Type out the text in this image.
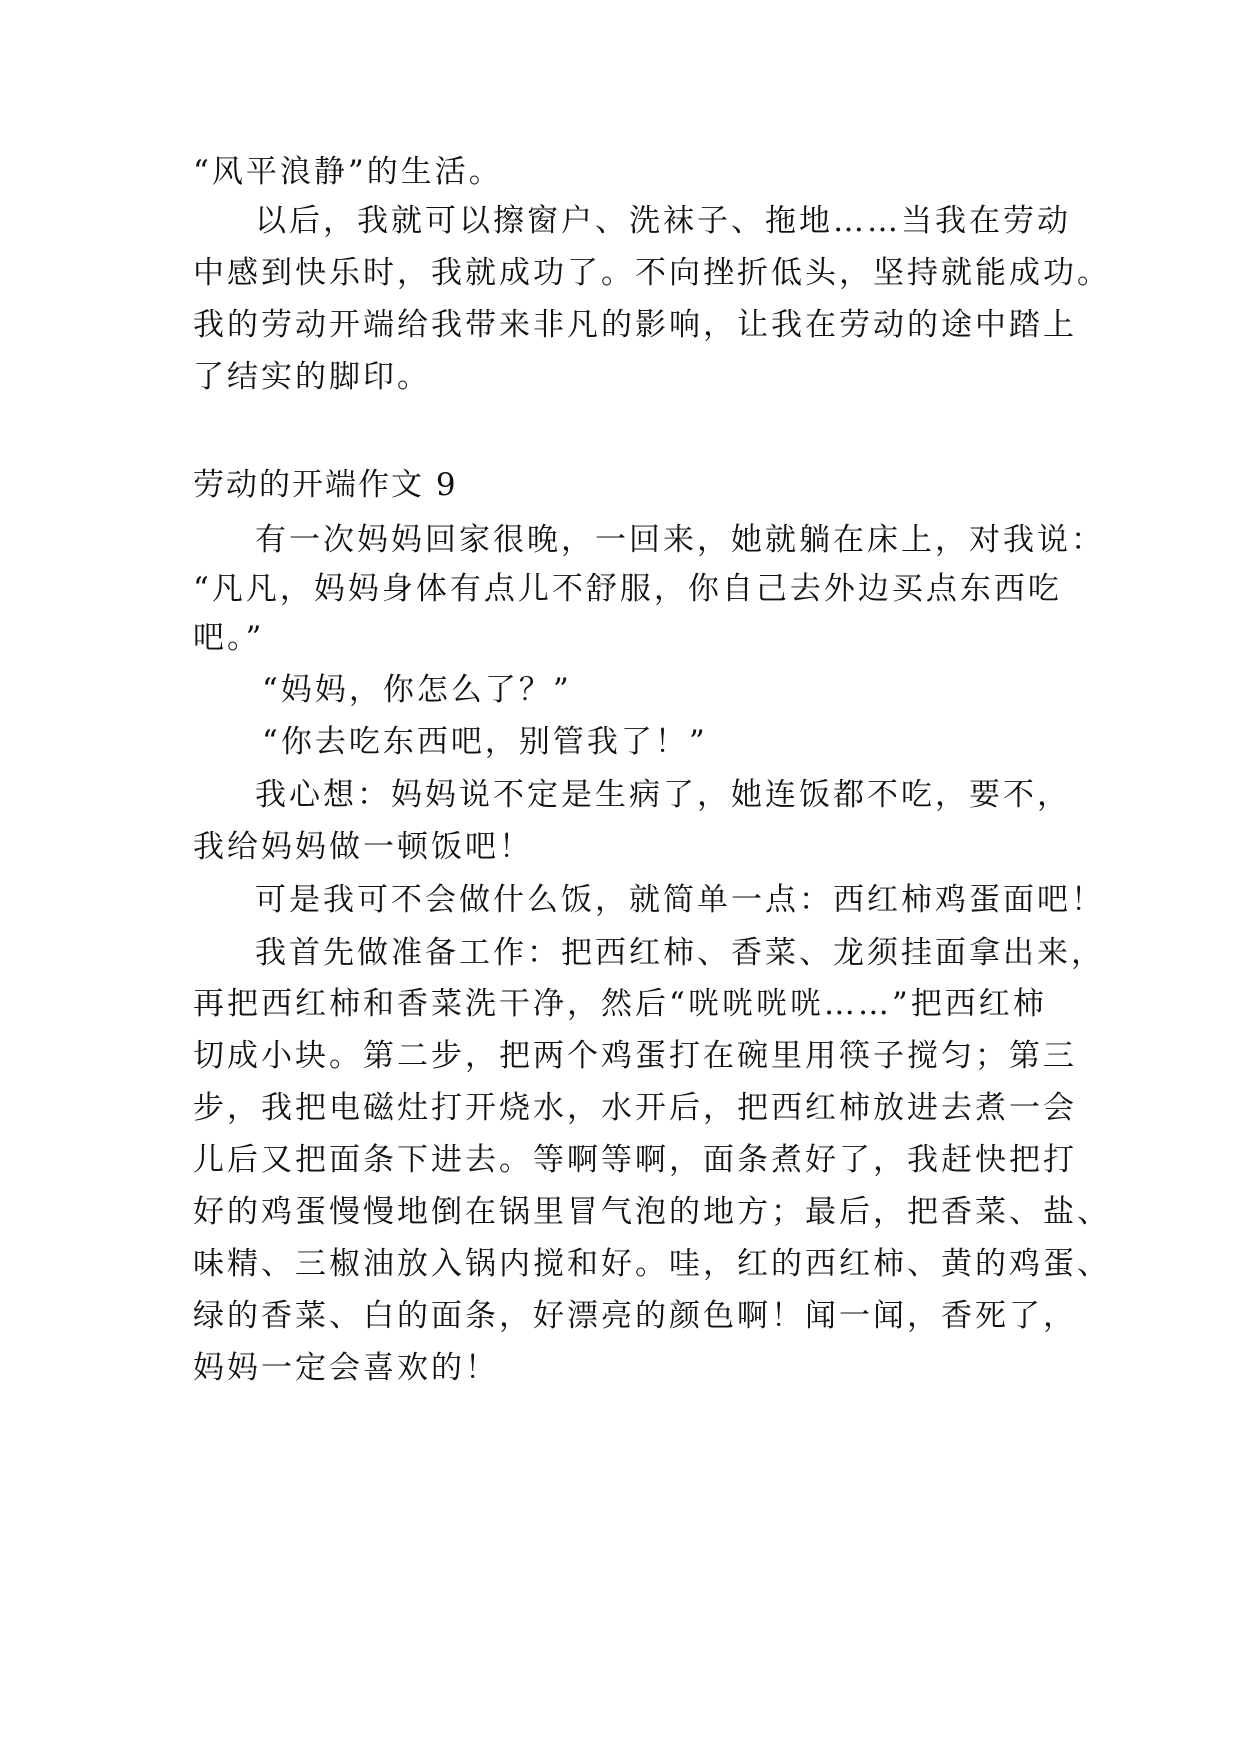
“风平浪静”的生活。
以后，我就可以擦窗户、洗袜子、拖地……当我在劳动
中感到快乐时，我就成功了。不向挫折低头，坚持就能成功。
我的劳动开端给我带来非凡的影响，让我在劳动的途中踏上
了结实的脚印。
劳动的开端作文 9
有一次妈妈回家很晚，一回来，她就躺在床上，对我说：
“凡凡，妈妈身体有点儿不舒服，你自己去外边买点东西吃
吧。”
“妈妈，你怎么了？”
“你去吃东西吧，别管我了！”
我心想：妈妈说不定是生病了，她连饭都不吃，要不，
我给妈妈做一顿饭吧！
可是我可不会做什么饭，就简单一点：西红柿鸡蛋面吧！
我首先做准备工作：把西红柿、香菜、龙须挂面拿出来，
再把西红柿和香菜洗干净，然后“咣咣咣咣……”把西红柿
切成小块。第二步，把两个鸡蛋打在碗里用筷子搅匀；第三
步，我把电磁灶打开烧水，水开后，把西红柿放进去煮一会
儿后又把面条下进去。等啊等啊，面条煮好了，我赶快把打
好的鸡蛋慢慢地倒在锅里冒气泡的地方；最后，把香菜、盐、
味精、三椒油放入锅内搅和好。哇，红的西红柿、黄的鸡蛋、
绿的香菜、白的面条，好漂亮的颜色啊！闻一闻，香死了，
妈妈一定会喜欢的！
